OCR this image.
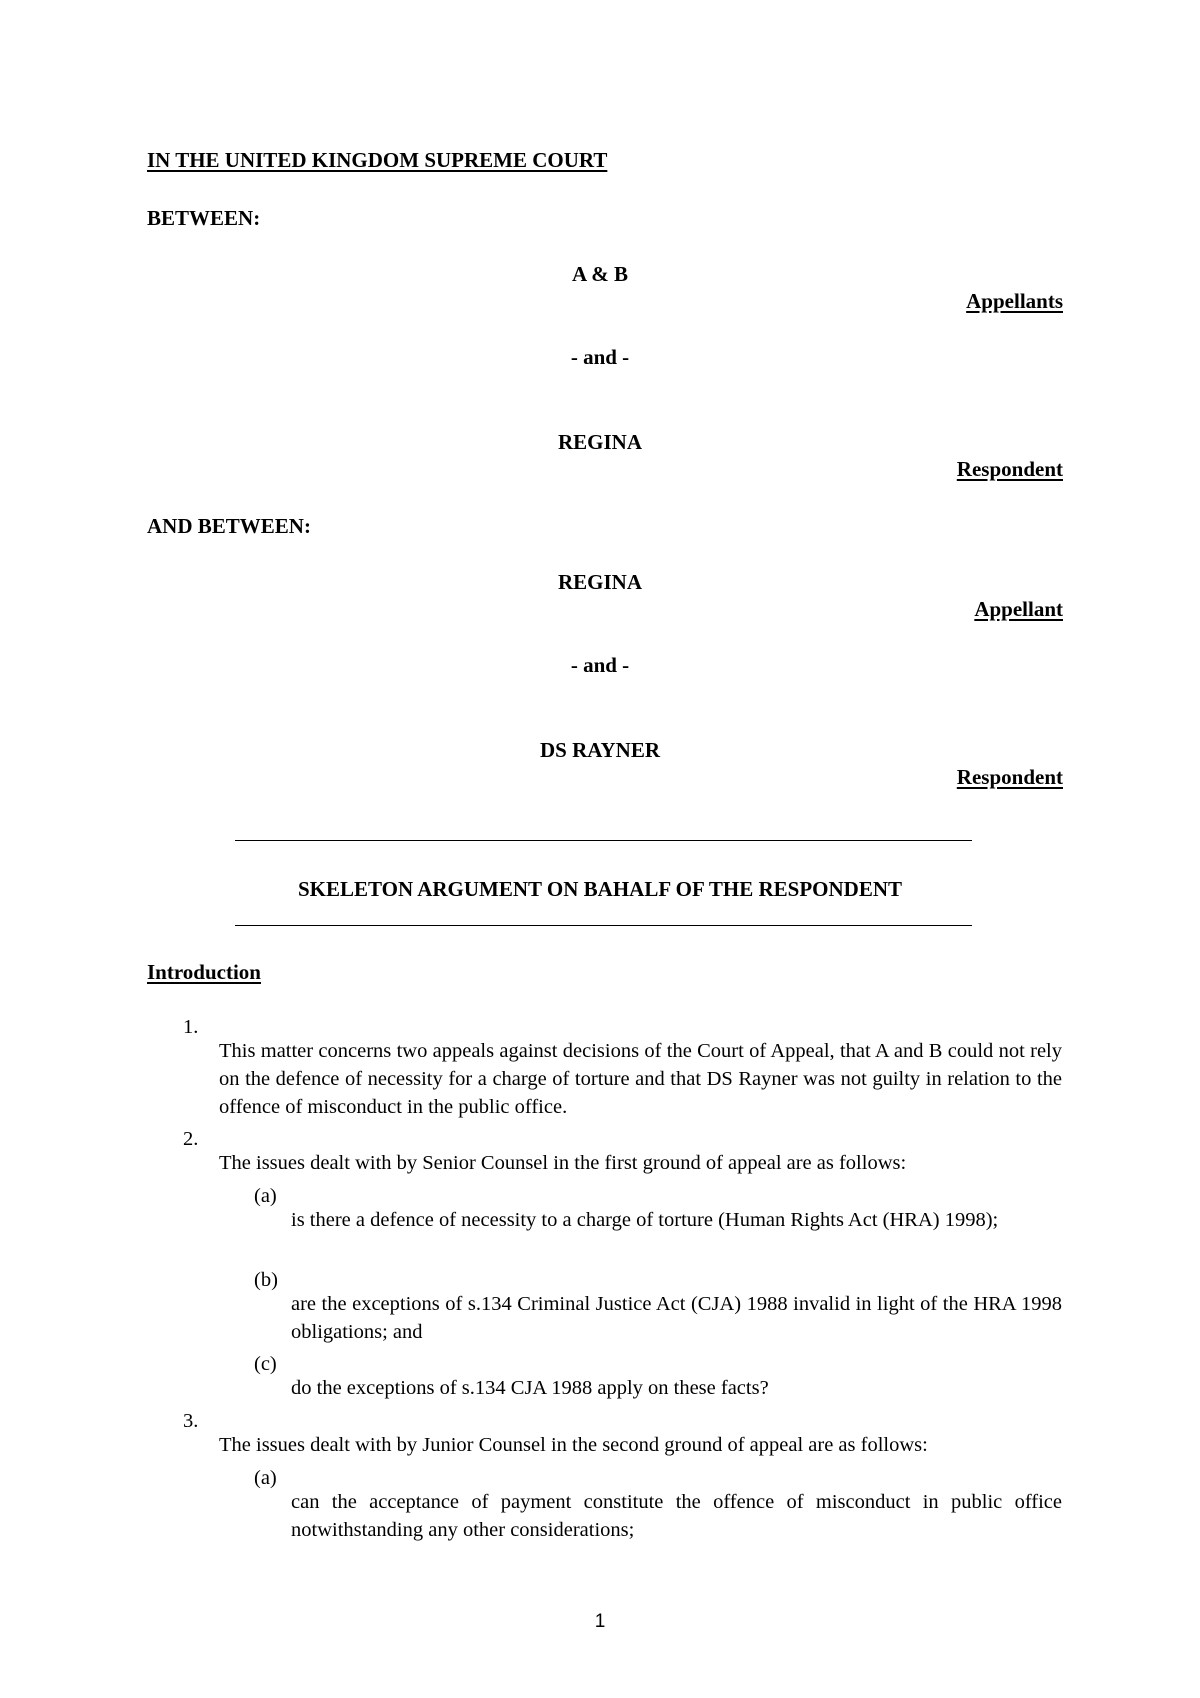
IN THE UNITED KINGDOM SUPREME COURT

BETWEEN:

A & B

Appellants

- and -

REGINA

Respondent

AND BETWEEN:

REGINA

Appellant

- and -

DS RAYNER

Respondent

SKELETON ARGUMENT ON BAHALF OF THE RESPONDENT

Introduction

1.

This matter concerns two appeals against decisions of the Court of Appeal, that A and B could not rely on the defence of necessity for a charge of torture and that DS Rayner was not guilty in relation to the offence of misconduct in the public office.

2.

The issues dealt with by Senior Counsel in the first ground of appeal are as follows:

(a)

is there a defence of necessity to a charge of torture (Human Rights Act (HRA) 1998);

(b)

are the exceptions of s.134 Criminal Justice Act (CJA) 1988 invalid in light of the HRA 1998 obligations; and

(c)

do the exceptions of s.134 CJA 1988 apply on these facts?

3.

The issues dealt with by Junior Counsel in the second ground of appeal are as follows:

(a)

can the acceptance of payment constitute the offence of misconduct in public office notwithstanding any other considerations;

1
